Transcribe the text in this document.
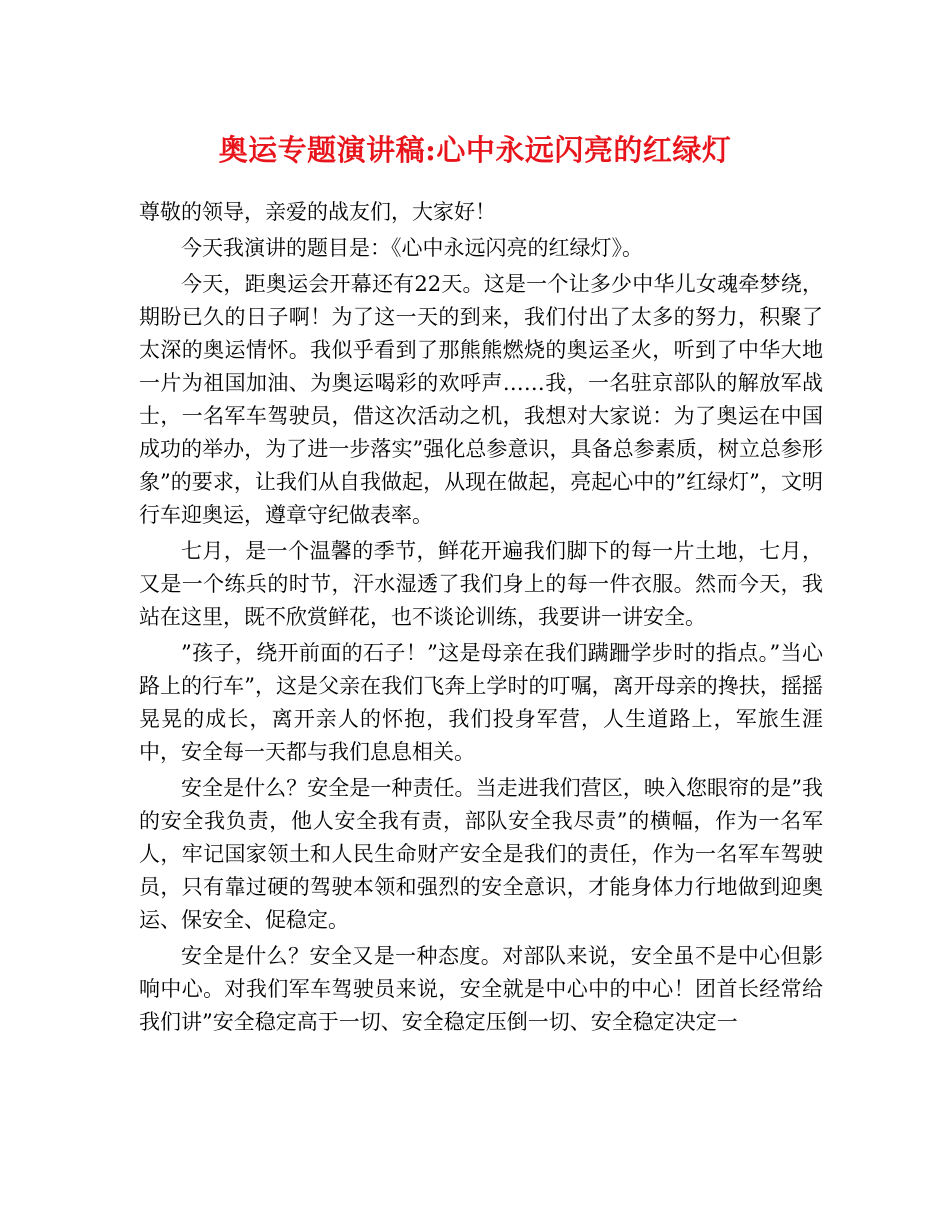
奥运专题演讲稿:心中永远闪亮的红绿灯

尊敬的领导，亲爱的战友们，大家好！

今天我演讲的题目是：《心中永远闪亮的红绿灯》。

今天，距奥运会开幕还有22天。这是一个让多少中华儿女魂牵梦绕，期盼已久的日子啊！为了这一天的到来，我们付出了太多的努力，积聚了太深的奥运情怀。我似乎看到了那熊熊燃烧的奥运圣火，听到了中华大地一片为祖国加油、为奥运喝彩的欢呼声……我，一名驻京部队的解放军战士，一名军车驾驶员，借这次活动之机，我想对大家说：为了奥运在中国成功的举办，为了进一步落实”强化总参意识，具备总参素质，树立总参形象”的要求，让我们从自我做起，从现在做起，亮起心中的”红绿灯”，文明行车迎奥运，遵章守纪做表率。

七月，是一个温馨的季节，鲜花开遍我们脚下的每一片土地，七月，又是一个练兵的时节，汗水湿透了我们身上的每一件衣服。然而今天，我站在这里，既不欣赏鲜花，也不谈论训练，我要讲一讲安全。

”孩子，绕开前面的石子！”这是母亲在我们蹒跚学步时的指点。”当心路上的行车”，这是父亲在我们飞奔上学时的叮嘱，离开母亲的搀扶，摇摇晃晃的成长，离开亲人的怀抱，我们投身军营，人生道路上，军旅生涯中，安全每一天都与我们息息相关。

安全是什么？安全是一种责任。当走进我们营区，映入您眼帘的是”我的安全我负责，他人安全我有责，部队安全我尽责”的横幅，作为一名军人，牢记国家领土和人民生命财产安全是我们的责任，作为一名军车驾驶员，只有靠过硬的驾驶本领和强烈的安全意识，才能身体力行地做到迎奥运、保安全、促稳定。

安全是什么？安全又是一种态度。对部队来说，安全虽不是中心但影响中心。对我们军车驾驶员来说，安全就是中心中的中心！团首长经常给我们讲”安全稳定高于一切、安全稳定压倒一切、安全稳定决定一
